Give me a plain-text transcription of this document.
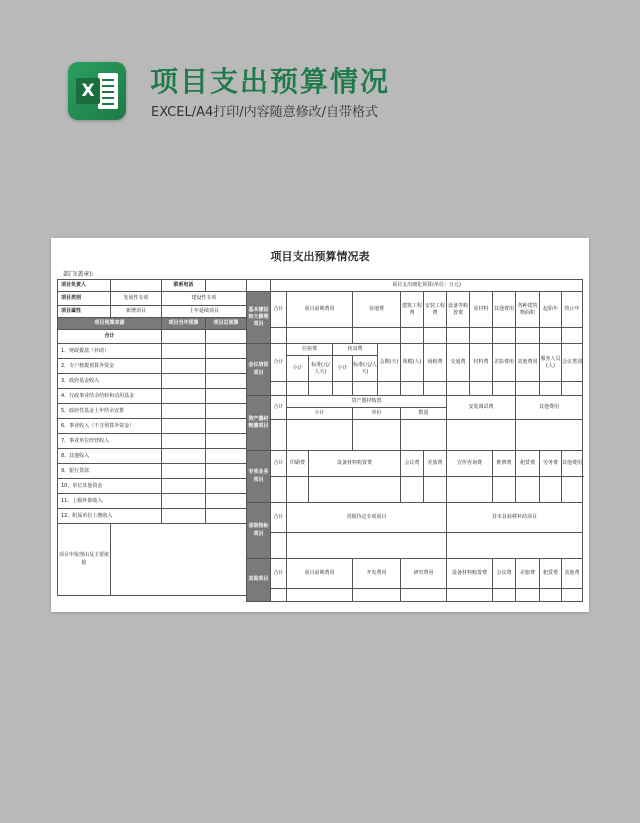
X 项目支出预算情况
EXCEL/A4打印/内容随意修改/自带格式
项目支出预算情况表
部门(盖章):
项目负责人		联系电话	
项目类别	发展性专项	建设性专项	
项目属性	新增项目	上年延续项目	
项目预算来源		项目当年预算	项目总预算
合计			
1、财政拨款（补助）			
2、专户核拨预算外资金			
3、政府基金收入			
4、行政事业结余结转和动用基金			
5、政府性基金上年结余安排			
6、事业收入（不含预算外资金）			
7、事业单位经营收入			
8、其他收入			
9、银行贷款			
10、单位其他资金			
11、上级补助收入			
12、附属单位上缴收入			
项目申报理由及主要依据			
	项目支出细化预算(单位：万元)													
基本建设和大修理项目	合计	项目前期费用			征地费		建筑工程费	安装工程费	设备等购置费	原材料	其他费用	各种建筑物面积	起始年	终止年

会议培训项目	合计	住宿费		伙食费		会期(天)	规模(人)	场租费	交通费	材料费	差影费用	其他费用	服务人员(人)	会议类别
		小计	标准(元/人天)	小计	标准(元/人天)									

资产器材购置项目	合计	资产器材购置							安装调试费			其他费用		
		小计			单价		数量							

专项业务项目	合计	印刷费	设备材料购置费				会议费	差旅费	宣传咨询费		维修费	租赁费	劳务费	其他费用

省级指标项目	合计	省级待定专项项目							对市县转移补助项目					

其他项目	合计	项目前期费用			开发费用		研究费用		设备材料购置费		会议费	差旅费	租赁费	其他费
